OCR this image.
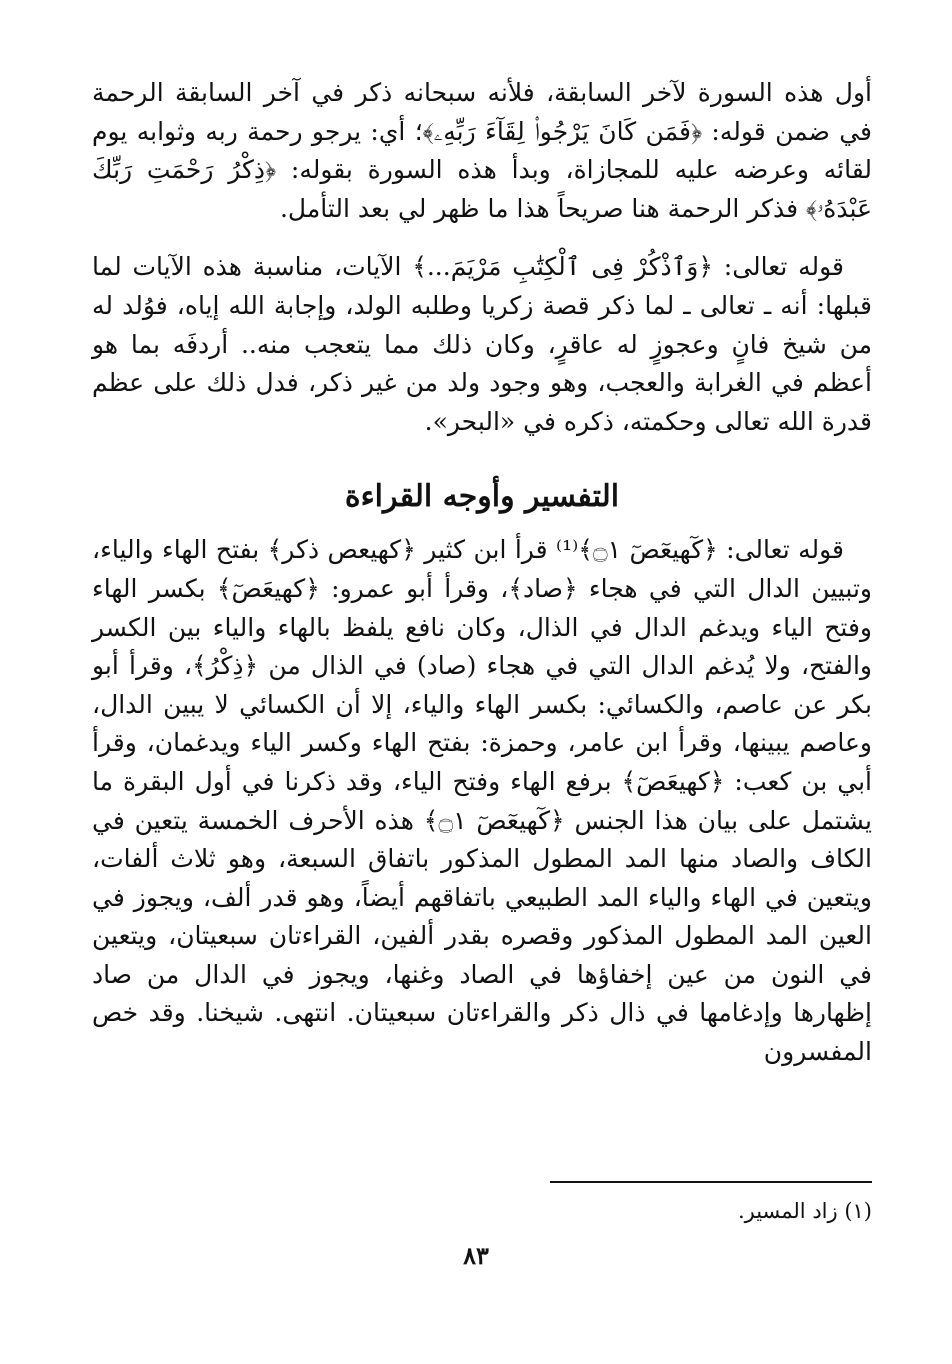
أول هذه السورة لآخر السابقة، فلأنه سبحانه ذكر في آخر السابقة الرحمة في ضمن قوله: ﴿فَمَن كَانَ يَرْجُوا۟ لِقَآءَ رَبِّهِۦ﴾؛ أي: يرجو رحمة ربه وثوابه يوم لقائه وعرضه عليه للمجازاة، وبدأ هذه السورة بقوله: ﴿ذِكْرُ رَحْمَتِ رَبِّكَ عَبْدَهُۥ﴾ فذكر الرحمة هنا صريحاً هذا ما ظهر لي بعد التأمل.

قوله تعالى: ﴿وَٱذْكُرْ فِى ٱلْكِتَٰبِ مَرْيَمَ...﴾ الآيات، مناسبة هذه الآيات لما قبلها: أنه ـ تعالى ـ لما ذكر قصة زكريا وطلبه الولد، وإجابة الله إياه، فوُلد له من شيخ فانٍ وعجوزٍ له عاقرٍ، وكان ذلك مما يتعجب منه.. أردفَه بما هو أعظم في الغرابة والعجب، وهو وجود ولد من غير ذكر، فدل ذلك على عظم قدرة الله تعالى وحكمته، ذكره في «البحر».

التفسير وأوجه القراءة

قوله تعالى: ﴿كٓهيعٓصٓ ۝١﴾⁽¹⁾ قرأ ابن كثير ﴿كهيعص ذكر﴾ بفتح الهاء والياء، وتبيين الدال التي في هجاء ﴿صاد﴾، وقرأ أبو عمرو: ﴿كهيعَصٓ﴾ بكسر الهاء وفتح الياء ويدغم الدال في الذال، وكان نافع يلفظ بالهاء والياء بين الكسر والفتح، ولا يُدغم الدال التي في هجاء (صاد) في الذال من ﴿ذِكْرُ﴾، وقرأ أبو بكر عن عاصم، والكسائي: بكسر الهاء والياء، إلا أن الكسائي لا يبين الدال، وعاصم يبينها، وقرأ ابن عامر، وحمزة: بفتح الهاء وكسر الياء ويدغمان، وقرأ أبي بن كعب: ﴿كهيعَصٓ﴾ برفع الهاء وفتح الياء، وقد ذكرنا في أول البقرة ما يشتمل على بيان هذا الجنس ﴿كٓهيعٓصٓ ۝١﴾ هذه الأحرف الخمسة يتعين في الكاف والصاد منها المد المطول المذكور باتفاق السبعة، وهو ثلاث ألفات، ويتعين في الهاء والياء المد الطبيعي باتفاقهم أيضاً، وهو قدر ألف، ويجوز في العين المد المطول المذكور وقصره بقدر ألفين، القراءتان سبعيتان، ويتعين في النون من عين إخفاؤها في الصاد وغنها، ويجوز في الدال من صاد إظهارها وإدغامها في ذال ذكر والقراءتان سبعيتان. انتهى. شيخنا. وقد خص المفسرون

(١) زاد المسير.
٨٣
